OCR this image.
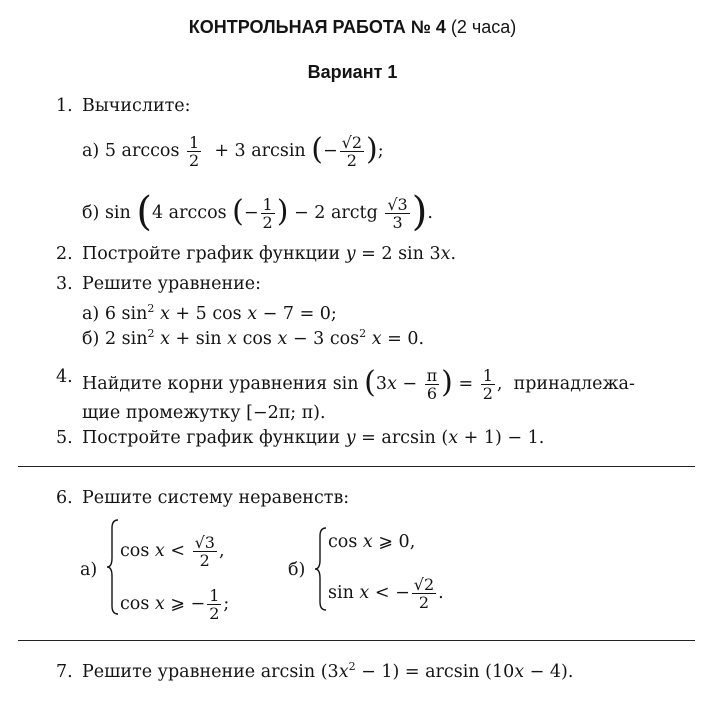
КОНТРОЛЬНАЯ РАБОТА № 4 (2 часа)
Вариант 1
1. Вычислите:
а) 5 $\arccos \frac{1}{2} + 3$ arcsin (− $\frac{√2}{2}$ );
б) sin (4 arccos (− $\frac{1}{2}$ ) − 2 arctg $\frac{√3}{3}$ ).
2. Постройте график функции y = 2 sin 3x.
3. Решите уравнение:
а) 6 $\sin^2 x + 5$ cos x − 7 = 0;
б) 2 $\sin^2 x + \sin x$ cos x − 3 $\cos^2 x = 0$.
4. Найдите корни уравнения $\sin (3x - \frac{\pi}{6}$ ) = $\frac{1}{2}$ ,  принадлежа-
щие промежутку [−2π; π).
5. Постройте график функции y = arcsin (x + 1) − 1.
6. Решите систему неравенств:
а)
$\cos x < \frac{√3}{2}$ ,
cos x ⩾ − $\frac{1}{2}$ ;
б)
cos x ⩾ 0,
sin x < − $\frac{√2}{2}$ .
7. Решите уравнение $\arcsin (3x^2 - 1) = \arcsin (10x - 4)$.
